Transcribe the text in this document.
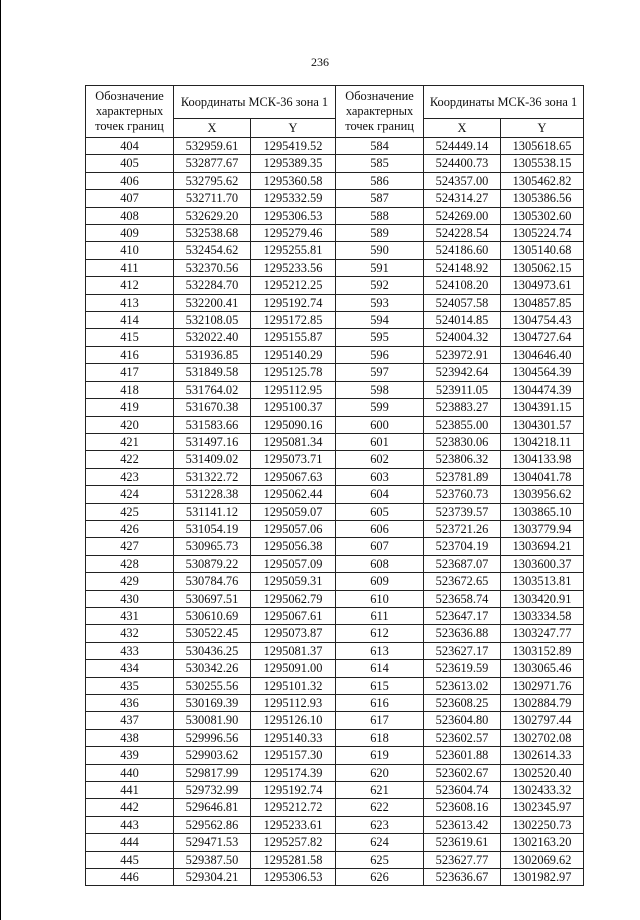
236
Обозначение характерных точек границ	Координаты МСК-36 зона 1		Обозначение характерных точек границ	Координаты МСК-36 зона 1	
	X	Y		X	Y
404	532959.61	1295419.52	584	524449.14	1305618.65
405	532877.67	1295389.35	585	524400.73	1305538.15
406	532795.62	1295360.58	586	524357.00	1305462.82
407	532711.70	1295332.59	587	524314.27	1305386.56
408	532629.20	1295306.53	588	524269.00	1305302.60
409	532538.68	1295279.46	589	524228.54	1305224.74
410	532454.62	1295255.81	590	524186.60	1305140.68
411	532370.56	1295233.56	591	524148.92	1305062.15
412	532284.70	1295212.25	592	524108.20	1304973.61
413	532200.41	1295192.74	593	524057.58	1304857.85
414	532108.05	1295172.85	594	524014.85	1304754.43
415	532022.40	1295155.87	595	524004.32	1304727.64
416	531936.85	1295140.29	596	523972.91	1304646.40
417	531849.58	1295125.78	597	523942.64	1304564.39
418	531764.02	1295112.95	598	523911.05	1304474.39
419	531670.38	1295100.37	599	523883.27	1304391.15
420	531583.66	1295090.16	600	523855.00	1304301.57
421	531497.16	1295081.34	601	523830.06	1304218.11
422	531409.02	1295073.71	602	523806.32	1304133.98
423	531322.72	1295067.63	603	523781.89	1304041.78
424	531228.38	1295062.44	604	523760.73	1303956.62
425	531141.12	1295059.07	605	523739.57	1303865.10
426	531054.19	1295057.06	606	523721.26	1303779.94
427	530965.73	1295056.38	607	523704.19	1303694.21
428	530879.22	1295057.09	608	523687.07	1303600.37
429	530784.76	1295059.31	609	523672.65	1303513.81
430	530697.51	1295062.79	610	523658.74	1303420.91
431	530610.69	1295067.61	611	523647.17	1303334.58
432	530522.45	1295073.87	612	523636.88	1303247.77
433	530436.25	1295081.37	613	523627.17	1303152.89
434	530342.26	1295091.00	614	523619.59	1303065.46
435	530255.56	1295101.32	615	523613.02	1302971.76
436	530169.39	1295112.93	616	523608.25	1302884.79
437	530081.90	1295126.10	617	523604.80	1302797.44
438	529996.56	1295140.33	618	523602.57	1302702.08
439	529903.62	1295157.30	619	523601.88	1302614.33
440	529817.99	1295174.39	620	523602.67	1302520.40
441	529732.99	1295192.74	621	523604.74	1302433.32
442	529646.81	1295212.72	622	523608.16	1302345.97
443	529562.86	1295233.61	623	523613.42	1302250.73
444	529471.53	1295257.82	624	523619.61	1302163.20
445	529387.50	1295281.58	625	523627.77	1302069.62
446	529304.21	1295306.53	626	523636.67	1301982.97
